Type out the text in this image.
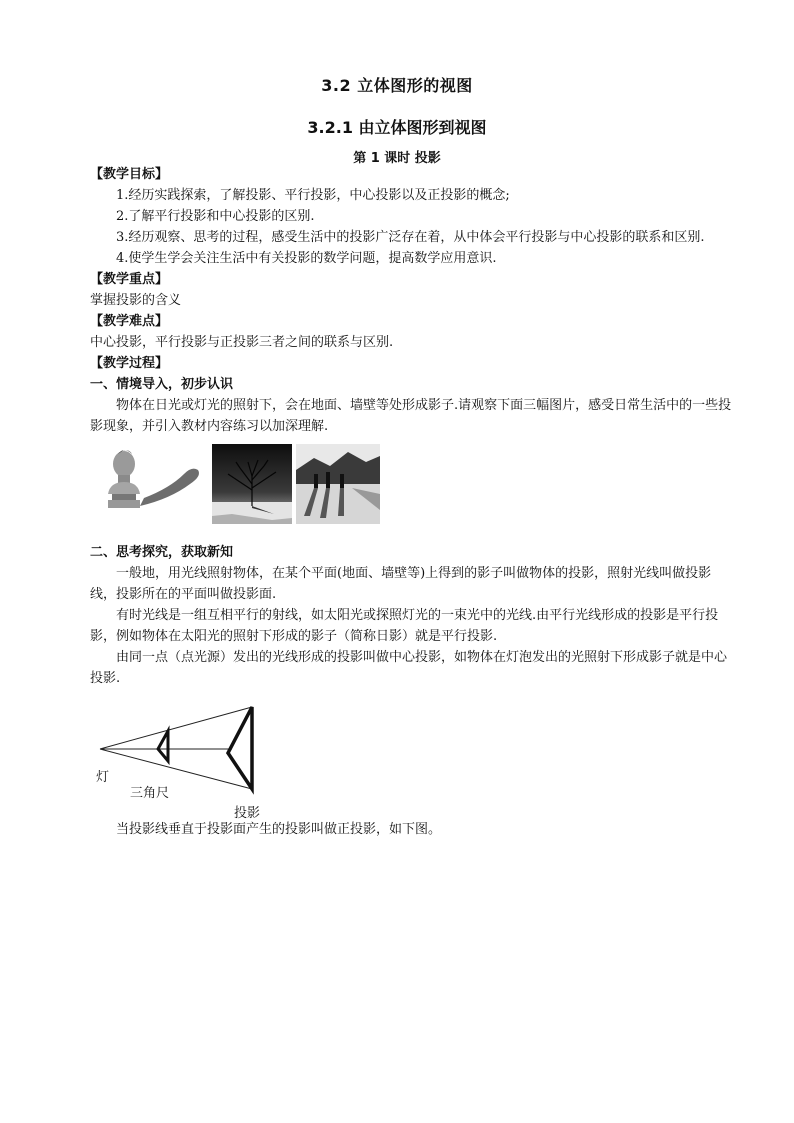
3.2 立体图形的视图
3.2.1 由立体图形到视图
第 1 课时 投影

【教学目标】

1.经历实践探索，了解投影、平行投影，中心投影以及正投影的概念;

2.了解平行投影和中心投影的区别.

3.经历观察、思考的过程，感受生活中的投影广泛存在着，从中体会平行投影与中心投影的联系和区别.

4.使学生学会关注生活中有关投影的数学问题，提高数学应用意识.

【教学重点】

掌握投影的含义

【教学难点】

中心投影，平行投影与正投影三者之间的联系与区别.

【教学过程】

一、情境导入，初步认识

物体在日光或灯光的照射下，会在地面、墙壁等处形成影子.请观察下面三幅图片，感受日常生活中的一些投影现象，并引入教材内容练习以加深理解.

二、思考探究，获取新知

一般地，用光线照射物体，在某个平面(地面、墙壁等)上得到的影子叫做物体的投影，照射光线叫做投影线，投影所在的平面叫做投影面.

有时光线是一组互相平行的射线，如太阳光或探照灯光的一束光中的光线.由平行光线形成的投影是平行投影，例如物体在太阳光的照射下形成的影子（简称日影）就是平行投影.

由同一点（点光源）发出的光线形成的投影叫做中心投影，如物体在灯泡发出的光照射下形成影子就是中心投影.

灯
三角尺
投影

当投影线垂直于投影面产生的投影叫做正投影，如下图。
